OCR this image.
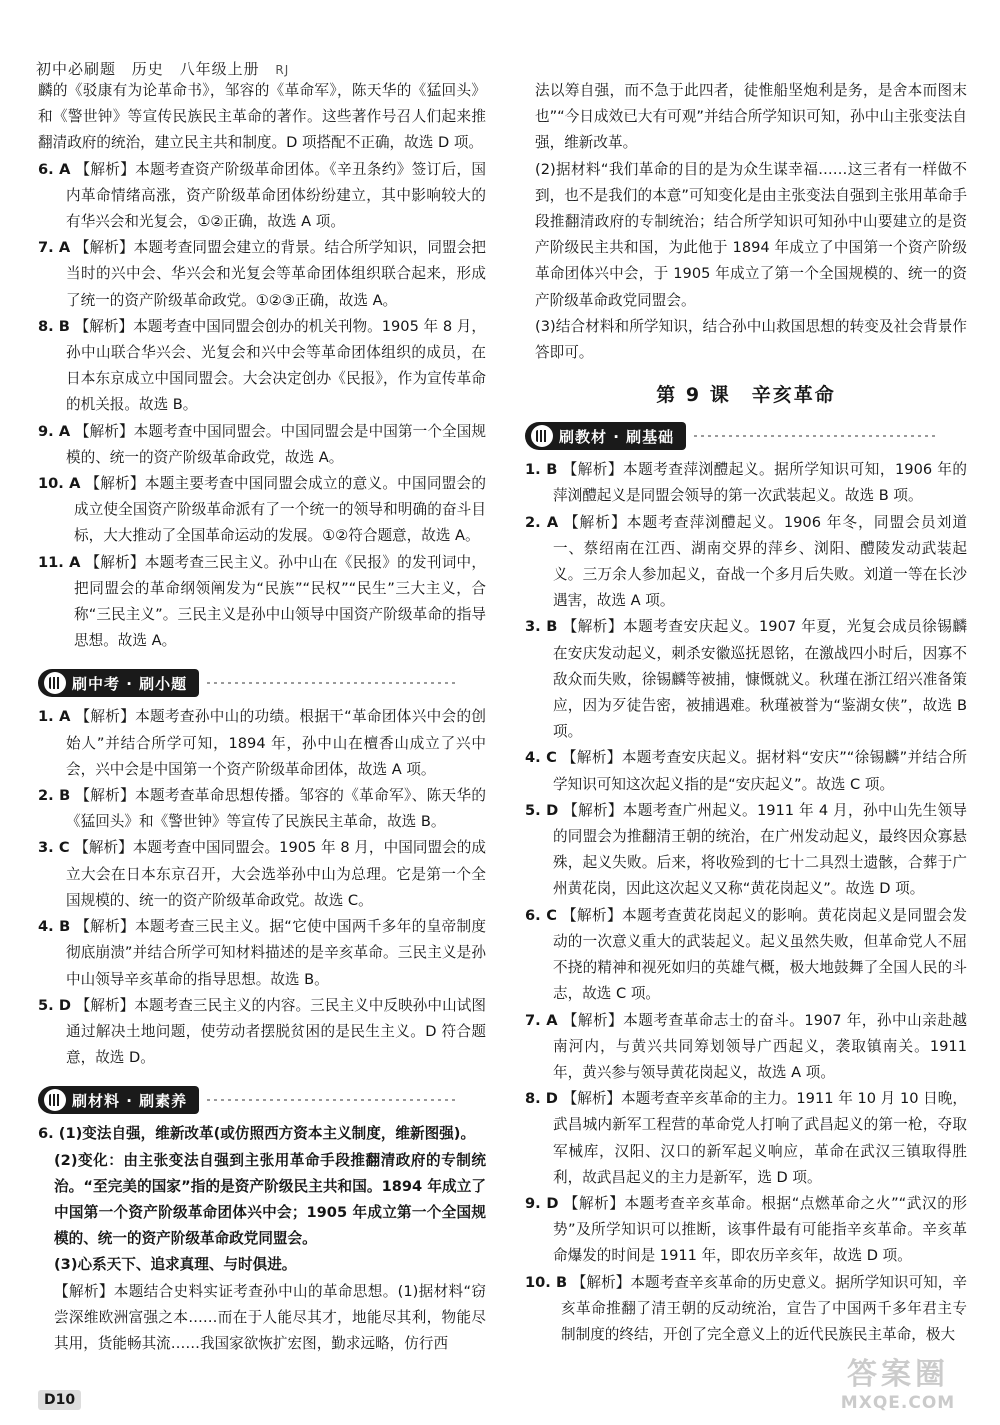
初中必刷题 历史 八年级上册 RJ

麟的《驳康有为论革命书》，邹容的《革命军》，陈天华的《猛回头》和《警世钟》等宣传民族民主革命的著作。这些著作号召人们起来推翻清政府的统治，建立民主共和制度。D 项搭配不正确，故选 D 项。

6. A 【解析】本题考查资产阶级革命团体。《辛丑条约》签订后，国内革命情绪高涨，资产阶级革命团体纷纷建立，其中影响较大的有华兴会和光复会，①②正确，故选 A 项。

7. A 【解析】本题考查同盟会建立的背景。结合所学知识，同盟会把当时的兴中会、华兴会和光复会等革命团体组织联合起来，形成了统一的资产阶级革命政党。①②③正确，故选 A。

8. B 【解析】本题考查中国同盟会创办的机关刊物。1905 年 8 月，孙中山联合华兴会、光复会和兴中会等革命团体组织的成员，在日本东京成立中国同盟会。大会决定创办《民报》，作为宣传革命的机关报。故选 B。

9. A 【解析】本题考查中国同盟会。中国同盟会是中国第一个全国规模的、统一的资产阶级革命政党，故选 A。

10. A 【解析】本题主要考查中国同盟会成立的意义。中国同盟会的成立使全国资产阶级革命派有了一个统一的领导和明确的奋斗目标，大大推动了全国革命运动的发展。①②符合题意，故选 A。

11. A 【解析】本题考查三民主义。孙中山在《民报》的发刊词中，把同盟会的革命纲领阐发为“民族”“民权”“民生”三大主义，合称“三民主义”。三民主义是孙中山领导中国资产阶级革命的指导思想。故选 A。

刷中考 · 刷小题

1. A 【解析】本题考查孙中山的功绩。根据干“革命团体兴中会的创始人”并结合所学可知，1894 年，孙中山在檀香山成立了兴中会，兴中会是中国第一个资产阶级革命团体，故选 A 项。

2. B 【解析】本题考查革命思想传播。邹容的《革命军》、陈天华的《猛回头》和《警世钟》等宣传了民族民主革命，故选 B。

3. C 【解析】本题考查中国同盟会。1905 年 8 月，中国同盟会的成立大会在日本东京召开，大会选举孙中山为总理。它是第一个全国规模的、统一的资产阶级革命政党。故选 C。

4. B 【解析】本题考查三民主义。据“它使中国两千多年的皇帝制度彻底崩溃”并结合所学可知材料描述的是辛亥革命。三民主义是孙中山领导辛亥革命的指导思想。故选 B。

5. D 【解析】本题考查三民主义的内容。三民主义中反映孙中山试图通过解决土地问题，使劳动者摆脱贫困的是民生主义。D 符合题意，故选 D。

刷材料 · 刷素养

6. (1)变法自强，维新改革(或仿照西方资本主义制度，维新图强)。

(2)变化：由主张变法自强到主张用革命手段推翻清政府的专制统治。“至完美的国家”指的是资产阶级民主共和国。1894 年成立了中国第一个资产阶级革命团体兴中会；1905 年成立第一个全国规模的、统一的资产阶级革命政党同盟会。

(3)心系天下、追求真理、与时俱进。

【解析】本题结合史料实证考查孙中山的革命思想。(1)据材料“窃尝深维欧洲富强之本……而在于人能尽其才，地能尽其利，物能尽其用，货能畅其流……我国家欲恢扩宏图，勤求远略，仿行西

法以筹自强，而不急于此四者，徒惟船坚炮利是务，是舍本而图末也”“今日成效已大有可观”并结合所学知识可知，孙中山主张变法自强，维新改革。

(2)据材料“我们革命的目的是为众生谋幸福……这三者有一样做不到，也不是我们的本意”可知变化是由主张变法自强到主张用革命手段推翻清政府的专制统治；结合所学知识可知孙中山要建立的是资产阶级民主共和国，为此他于 1894 年成立了中国第一个资产阶级革命团体兴中会，于 1905 年成立了第一个全国规模的、统一的资产阶级革命政党同盟会。

(3)结合材料和所学知识，结合孙中山救国思想的转变及社会背景作答即可。

第 9 课　辛亥革命
刷教材 · 刷基础

1. B 【解析】本题考查萍浏醴起义。据所学知识可知，1906 年的萍浏醴起义是同盟会领导的第一次武装起义。故选 B 项。

2. A 【解析】本题考查萍浏醴起义。1906 年冬，同盟会员刘道一、蔡绍南在江西、湖南交界的萍乡、浏阳、醴陵发动武装起义。三万余人参加起义，奋战一个多月后失败。刘道一等在长沙遇害，故选 A 项。

3. B 【解析】本题考查安庆起义。1907 年夏，光复会成员徐锡麟在安庆发动起义，刺杀安徽巡抚恩铭，在激战四小时后，因寡不敌众而失败，徐锡麟等被捕，慷慨就义。秋瑾在浙江绍兴准备策应，因为歹徒告密，被捕遇难。秋瑾被誉为“鉴湖女侠”，故选 B 项。

4. C 【解析】本题考查安庆起义。据材料“安庆”“徐锡麟”并结合所学知识可知这次起义指的是“安庆起义”。故选 C 项。

5. D 【解析】本题考查广州起义。1911 年 4 月，孙中山先生领导的同盟会为推翻清王朝的统治，在广州发动起义，最终因众寡悬殊，起义失败。后来，将收殓到的七十二具烈士遗骸，合葬于广州黄花岗，因此这次起义又称“黄花岗起义”。故选 D 项。

6. C 【解析】本题考查黄花岗起义的影响。黄花岗起义是同盟会发动的一次意义重大的武装起义。起义虽然失败，但革命党人不屈不挠的精神和视死如归的英雄气概，极大地鼓舞了全国人民的斗志，故选 C 项。

7. A 【解析】本题考查革命志士的奋斗。1907 年，孙中山亲赴越南河内，与黄兴共同筹划领导广西起义，袭取镇南关。1911 年，黄兴参与领导黄花岗起义，故选 A 项。

8. D 【解析】本题考查辛亥革命的主力。1911 年 10 月 10 日晚，武昌城内新军工程营的革命党人打响了武昌起义的第一枪，夺取军械库，汉阳、汉口的新军起义响应，革命在武汉三镇取得胜利，故武昌起义的主力是新军，选 D 项。

9. D 【解析】本题考查辛亥革命。根据“点燃革命之火”“武汉的形势”及所学知识可以推断，该事件最有可能指辛亥革命。辛亥革命爆发的时间是 1911 年，即农历辛亥年，故选 D 项。

10. B 【解析】本题考查辛亥革命的历史意义。据所学知识可知，辛亥革命推翻了清王朝的反动统治，宣告了中国两千多年君主专制制度的终结，开创了完全意义上的近代民族民主革命，极大

D10
答案圈
MXQE.COM
